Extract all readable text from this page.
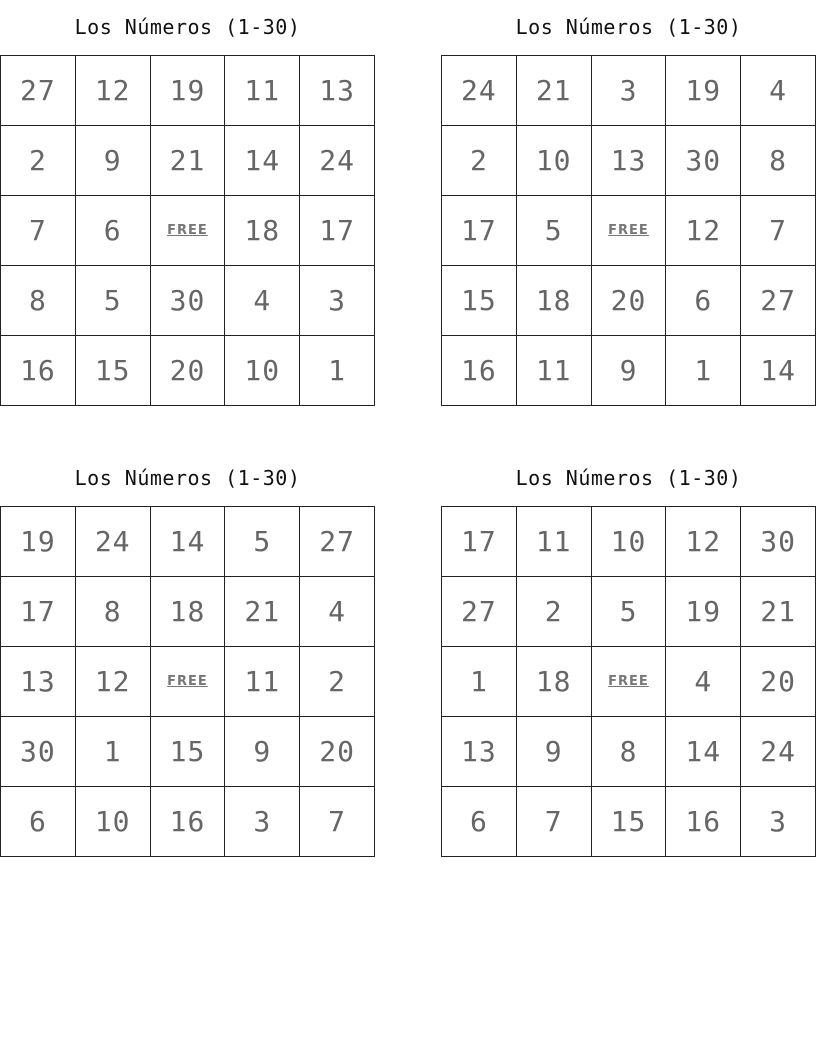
Los Números (1-30)
27	12	19	11	13
2	9	21	14	24
7	6	FREE	18	17
8	5	30	4	3
16	15	20	10	1
Los Números (1-30)
24	21	3	19	4
2	10	13	30	8
17	5	FREE	12	7
15	18	20	6	27
16	11	9	1	14
Los Números (1-30)
19	24	14	5	27
17	8	18	21	4
13	12	FREE	11	2
30	1	15	9	20
6	10	16	3	7
Los Números (1-30)
17	11	10	12	30
27	2	5	19	21
1	18	FREE	4	20
13	9	8	14	24
6	7	15	16	3
